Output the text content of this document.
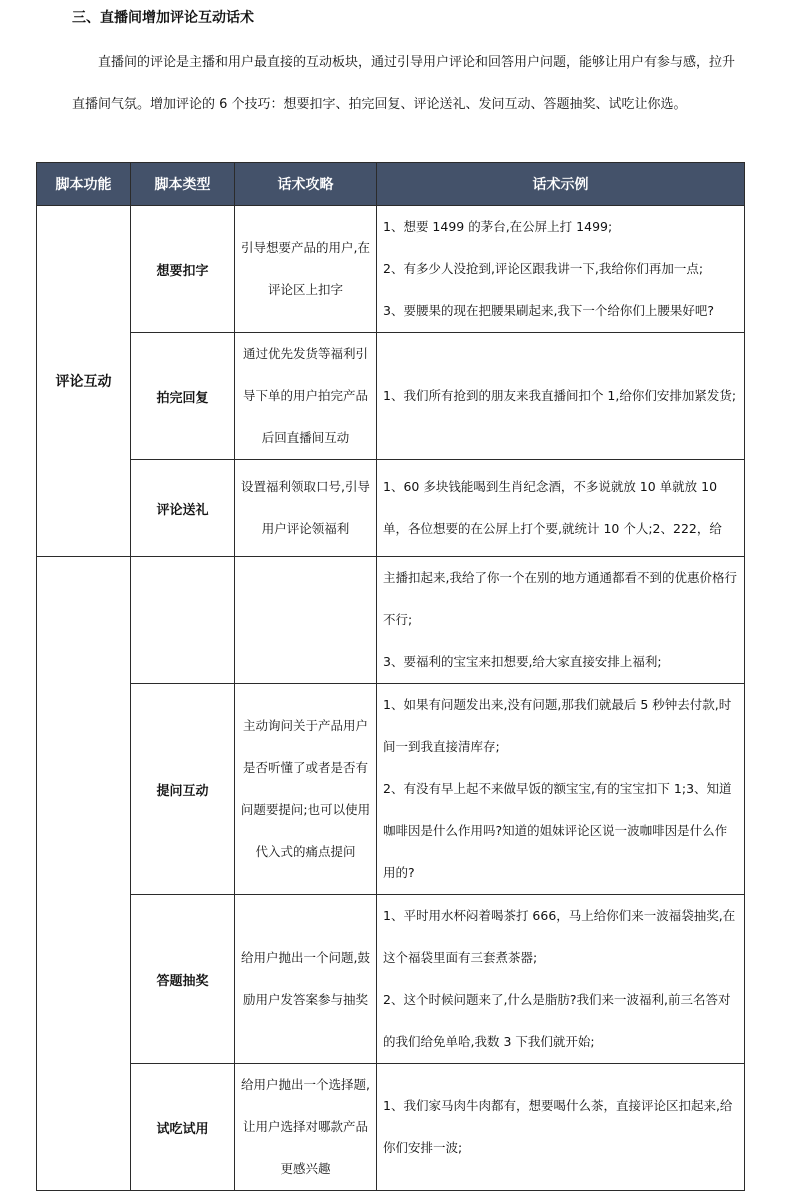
三、直播间增加评论互动话术
直播间的评论是主播和用户最直接的互动板块，通过引导用户评论和回答用户问题，能够让用户有参与感，拉升直播间气氛。增加评论的 6 个技巧：想要扣字、拍完回复、评论送礼、发问互动、答题抽奖、试吃让你选。
脚本功能	脚本类型	话术攻略	话术示例
评论互动	想要扣字	引导想要产品的用户,在评论区上扣字	1、想要 1499 的茅台,在公屏上打 1499;

2、有多少人没抢到,评论区跟我讲一下,我给你们再加一点;

3、要腰果的现在把腰果刷起来,我下一个给你们上腰果好吧?

	拍完回复	通过优先发货等福利引导下单的用户拍完产品后回直播间互动	1、我们所有抢到的朋友来我直播间扣个 1,给你们安排加紧发货;

	评论送礼	设置福利领取口号,引导用户评论领福利	1、60 多块钱能喝到生肖纪念酒，不多说就放 10 单就放 10 单，各位想要的在公屏上打个要,就统计 10 个人;2、222，给

			主播扣起来,我给了你一个在别的地方通通都看不到的优惠价格行不行;

3、要福利的宝宝来扣想要,给大家直接安排上福利;

	提问互动	主动询问关于产品用户是否听懂了或者是否有问题要提问;也可以使用代入式的痛点提问	1、如果有问题发出来,没有问题,那我们就最后 5 秒钟去付款,时间一到我直接清库存;

2、有没有早上起不来做早饭的额宝宝,有的宝宝扣下 1;3、知道咖啡因是什么作用吗?知道的姐妹评论区说一波咖啡因是什么作用的?

	答题抽奖	给用户抛出一个问题,鼓励用户发答案参与抽奖	1、平时用水杯闷着喝茶打 666，马上给你们来一波福袋抽奖,在这个福袋里面有三套煮茶器;

2、这个时候问题来了,什么是脂肪?我们来一波福利,前三名答对的我们给免单哈,我数 3 下我们就开始;

	试吃试用	给用户抛出一个选择题,让用户选择对哪款产品更感兴趣	1、我们家马肉牛肉都有，想要喝什么茶，直接评论区扣起来,给你们安排一波;
